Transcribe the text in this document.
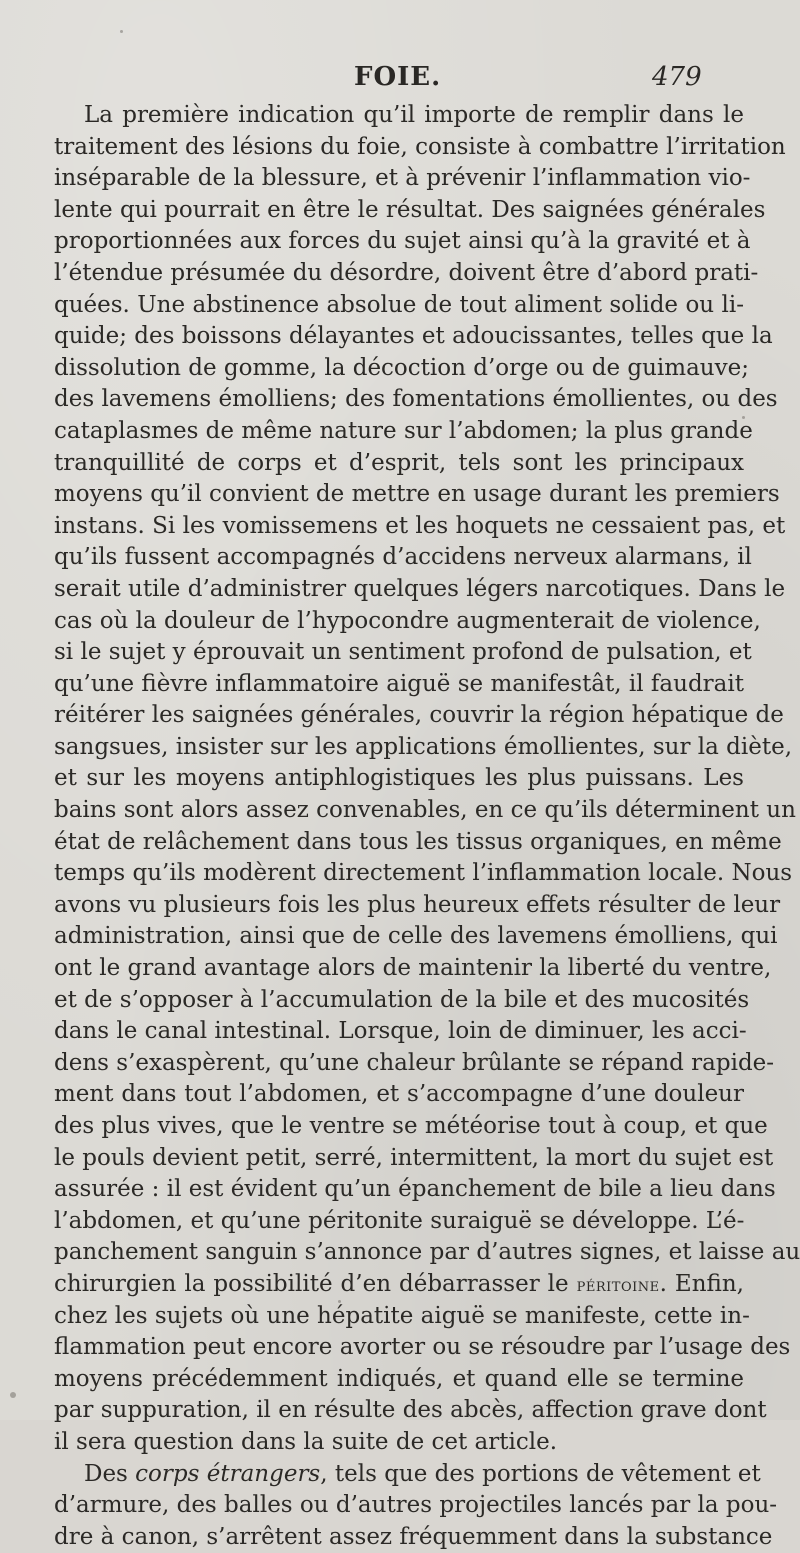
FOIE.	479
La première indication qu’il importe de remplir dans le
traitement des lésions du foie, consiste à combattre l’irritation
inséparable de la blessure, et à prévenir l’inflammation vio-
lente qui pourrait en être le résultat. Des saignées générales
proportionnées aux forces du sujet ainsi qu’à la gravité et à
l’étendue présumée du désordre, doivent être d’abord prati-
quées. Une abstinence absolue de tout aliment solide ou li-
quide; des boissons délayantes et adoucissantes, telles que la
dissolution de gomme, la décoction d’orge ou de guimauve;
des lavemens émolliens; des fomentations émollientes, ou des
cataplasmes de même nature sur l’abdomen; la plus grande
tranquillité de corps et d’esprit, tels sont les principaux
moyens qu’il convient de mettre en usage durant les premiers
instans. Si les vomissemens et les hoquets ne cessaient pas, et
qu’ils fussent accompagnés d’accidens nerveux alarmans, il
serait utile d’administrer quelques légers narcotiques. Dans le
cas où la douleur de l’hypocondre augmenterait de violence,
si le sujet y éprouvait un sentiment profond de pulsation, et
qu’une fièvre inflammatoire aiguë se manifestât, il faudrait
réitérer les saignées générales, couvrir la région hépatique de
sangsues, insister sur les applications émollientes, sur la diète,
et sur les moyens antiphlogistiques les plus puissans. Les
bains sont alors assez convenables, en ce qu’ils déterminent un
état de relâchement dans tous les tissus organiques, en même
temps qu’ils modèrent directement l’inflammation locale. Nous
avons vu plusieurs fois les plus heureux effets résulter de leur
administration, ainsi que de celle des lavemens émolliens, qui
ont le grand avantage alors de maintenir la liberté du ventre,
et de s’opposer à l’accumulation de la bile et des mucosités
dans le canal intestinal. Lorsque, loin de diminuer, les acci-
dens s’exaspèrent, qu’une chaleur brûlante se répand rapide-
ment dans tout l’abdomen, et s’accompagne d’une douleur
des plus vives, que le ventre se météorise tout à coup, et que
le pouls devient petit, serré, intermittent, la mort du sujet est
assurée : il est évident qu’un épanchement de bile a lieu dans
l’abdomen, et qu’une péritonite suraiguë se développe. L’é-
panchement sanguin s’annonce par d’autres signes, et laisse au
chirurgien la possibilité d’en débarrasser le péritoine. Enfin,
chez les sujets où une hépatite aiguë se manifeste, cette in-
flammation peut encore avorter ou se résoudre par l’usage des
moyens précédemment indiqués, et quand elle se termine
par suppuration, il en résulte des abcès, affection grave dont
il sera question dans la suite de cet article.
Des corps étrangers, tels que des portions de vêtement et
d’armure, des balles ou d’autres projectiles lancés par la pou-
dre à canon, s’arrêtent assez fréquemment dans la substance
